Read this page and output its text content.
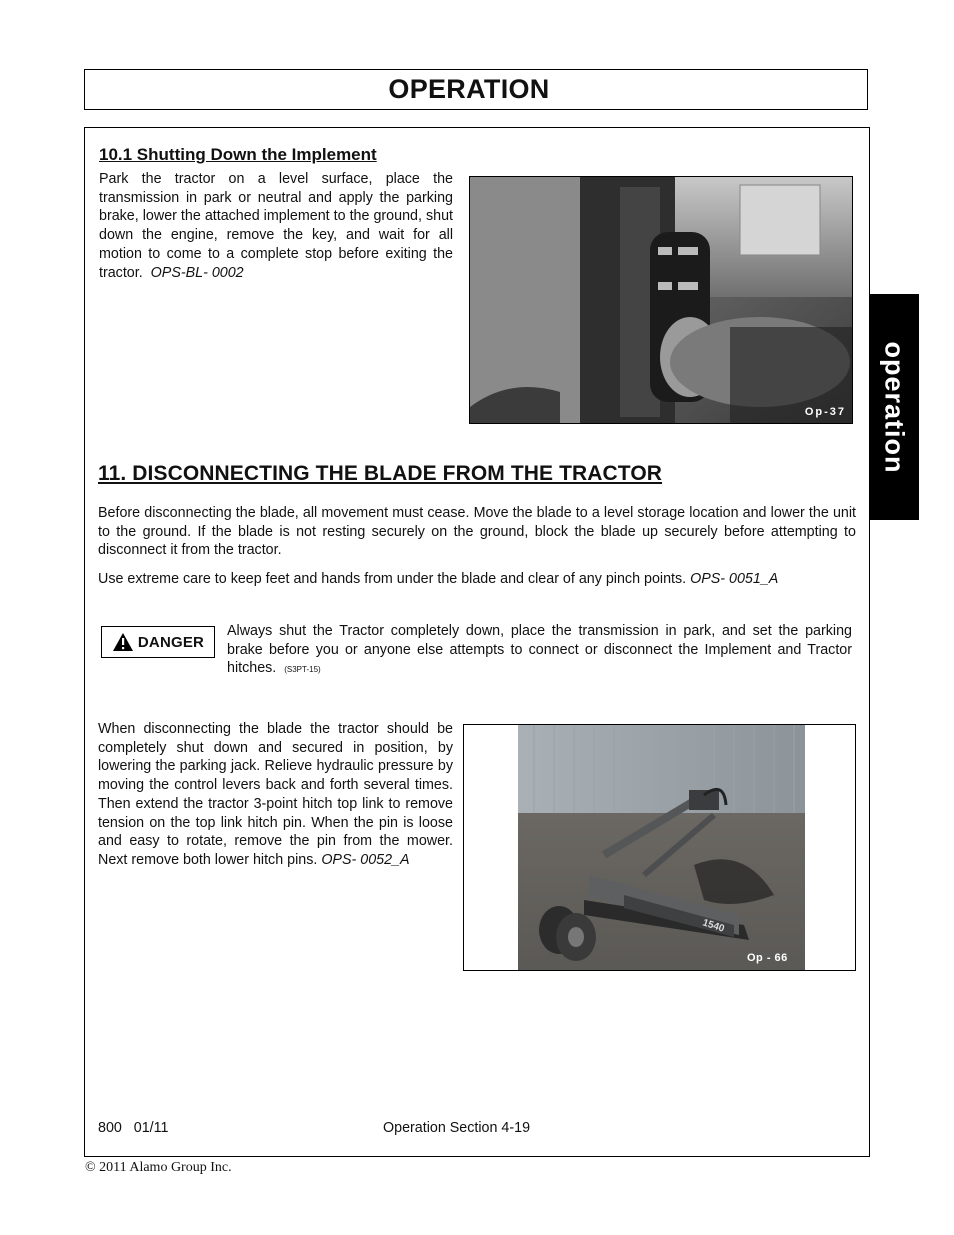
OPERATION
operation
10.1 Shutting Down the Implement
Park the tractor on a level surface, place the transmission in park or neutral and apply the parking brake, lower the attached implement to the ground, shut down the engine, remove the key, and wait for all motion to come to a complete stop before exiting the tractor. OPS-BL- 0002
Op-37
11. DISCONNECTING THE BLADE FROM THE TRACTOR
Before disconnecting the blade, all movement must cease. Move the blade to a level storage location and lower the unit to the ground. If the blade is not resting securely on the ground, block the blade up securely before attempting to disconnect it from the tractor.
Use extreme care to keep feet and hands from under the blade and clear of any pinch points. OPS- 0051_A
DANGER
Always shut the Tractor completely down, place the transmission in park, and set the parking brake before you or anyone else attempts to connect or disconnect the Implement and Tractor hitches. (S3PT-15)
When disconnecting the blade the tractor should be completely shut down and secured in position, by lowering the parking jack. Relieve hydraulic pressure by moving the control levers back and forth several times. Then extend the tractor 3-point hitch top link to remove tension on the top link hitch pin. When the pin is loose and easy to rotate, remove the pin from the mower. Next remove both lower hitch pins. OPS- 0052_A
1540
Op - 66
800   01/11	Operation Section 4-19
© 2011 Alamo Group Inc.
